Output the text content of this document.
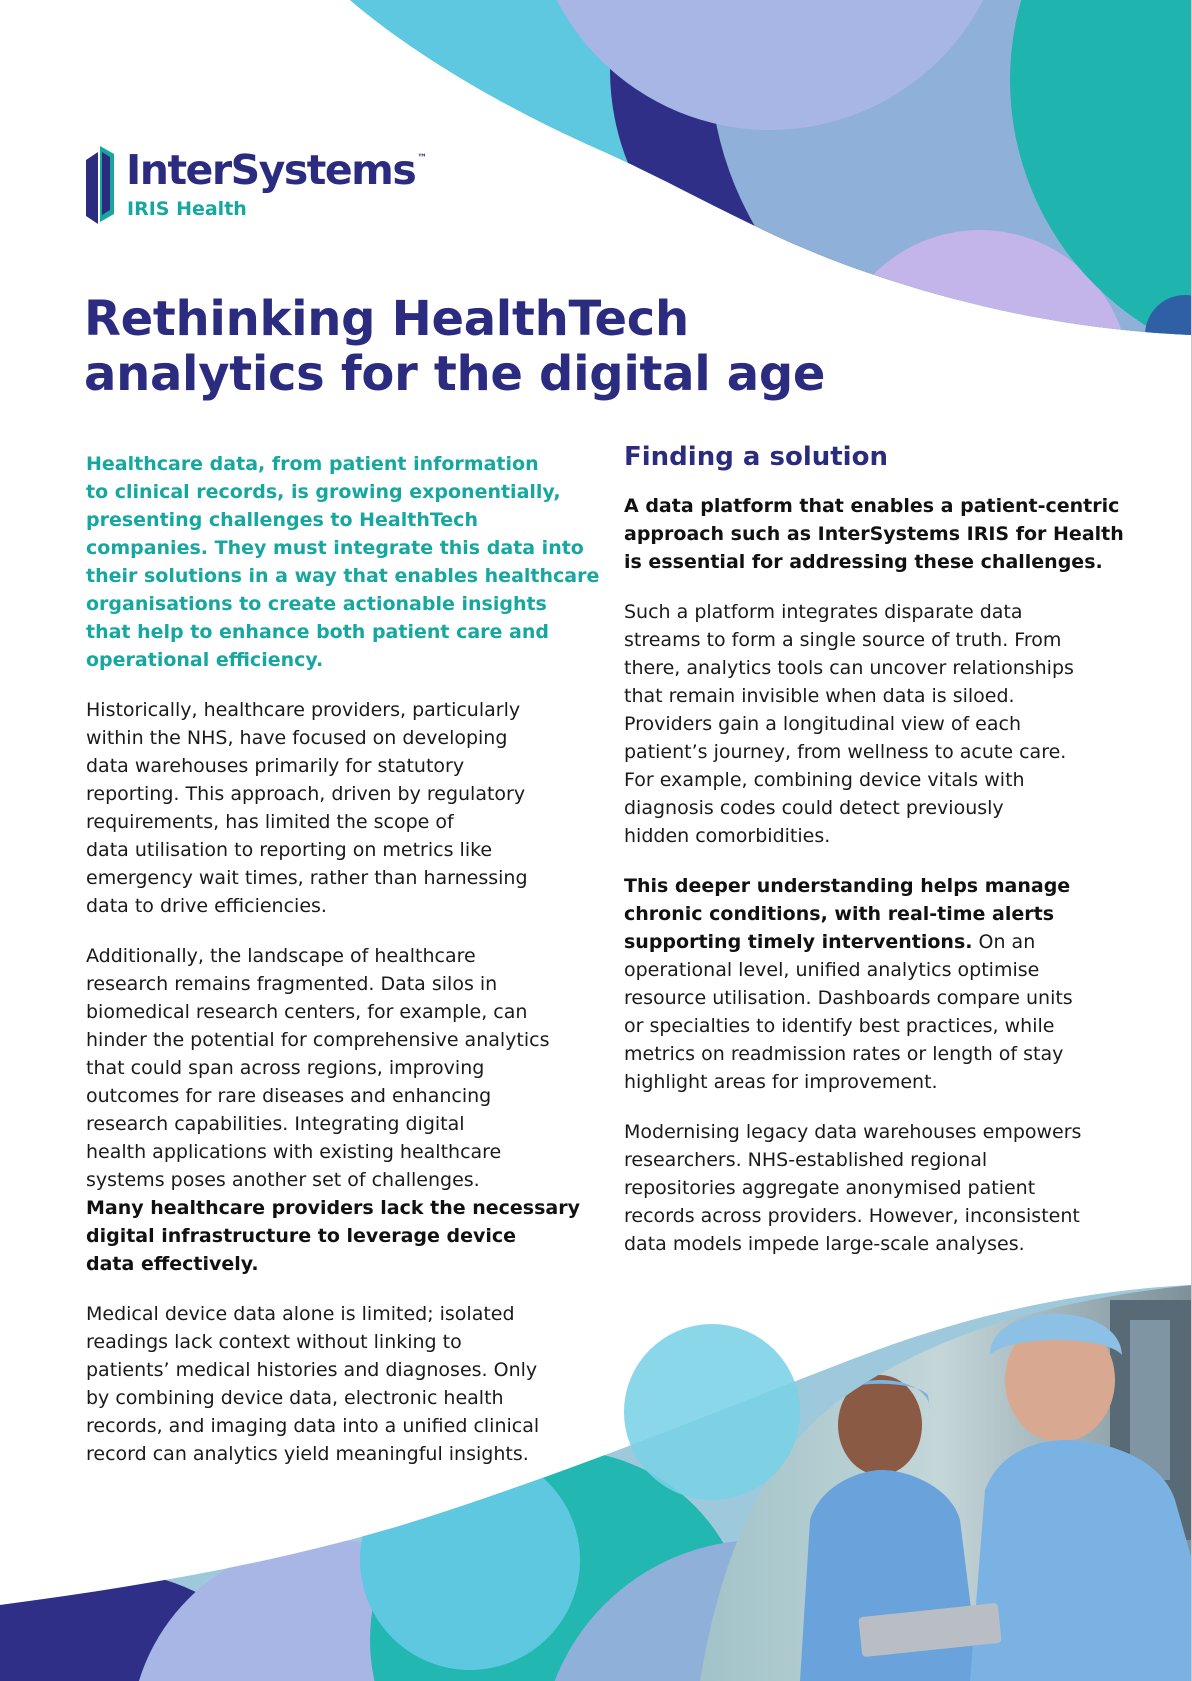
InterSystems ™
IRIS Health
Rethinking HealthTech
analytics for the digital age

Healthcare data, from patient information
to clinical records, is growing exponentially,
presenting challenges to HealthTech
companies. They must integrate this data into
their solutions in a way that enables healthcare
organisations to create actionable insights
that help to enhance both patient care and
operational efficiency.

Historically, healthcare providers, particularly
within the NHS, have focused on developing
data warehouses primarily for statutory
reporting. This approach, driven by regulatory
requirements, has limited the scope of
data utilisation to reporting on metrics like
emergency wait times, rather than harnessing
data to drive efficiencies.

Additionally, the landscape of healthcare
research remains fragmented. Data silos in
biomedical research centers, for example, can
hinder the potential for comprehensive analytics
that could span across regions, improving
outcomes for rare diseases and enhancing
research capabilities. Integrating digital
health applications with existing healthcare
systems poses another set of challenges.
Many healthcare providers lack the necessary
digital infrastructure to leverage device
data effectively.

Medical device data alone is limited; isolated
readings lack context without linking to
patients’ medical histories and diagnoses. Only
by combining device data, electronic health
records, and imaging data into a unified clinical
record can analytics yield meaningful insights.

Finding a solution

A data platform that enables a patient-centric
approach such as InterSystems IRIS for Health
is essential for addressing these challenges.

Such a platform integrates disparate data
streams to form a single source of truth. From
there, analytics tools can uncover relationships
that remain invisible when data is siloed.
Providers gain a longitudinal view of each
patient’s journey, from wellness to acute care.
For example, combining device vitals with
diagnosis codes could detect previously
hidden comorbidities.

This deeper understanding helps manage
chronic conditions, with real-time alerts
supporting timely interventions. On an
operational level, unified analytics optimise
resource utilisation. Dashboards compare units
or specialties to identify best practices, while
metrics on readmission rates or length of stay
highlight areas for improvement.

Modernising legacy data warehouses empowers
researchers. NHS-established regional
repositories aggregate anonymised patient
records across providers. However, inconsistent
data models impede large-scale analyses.
